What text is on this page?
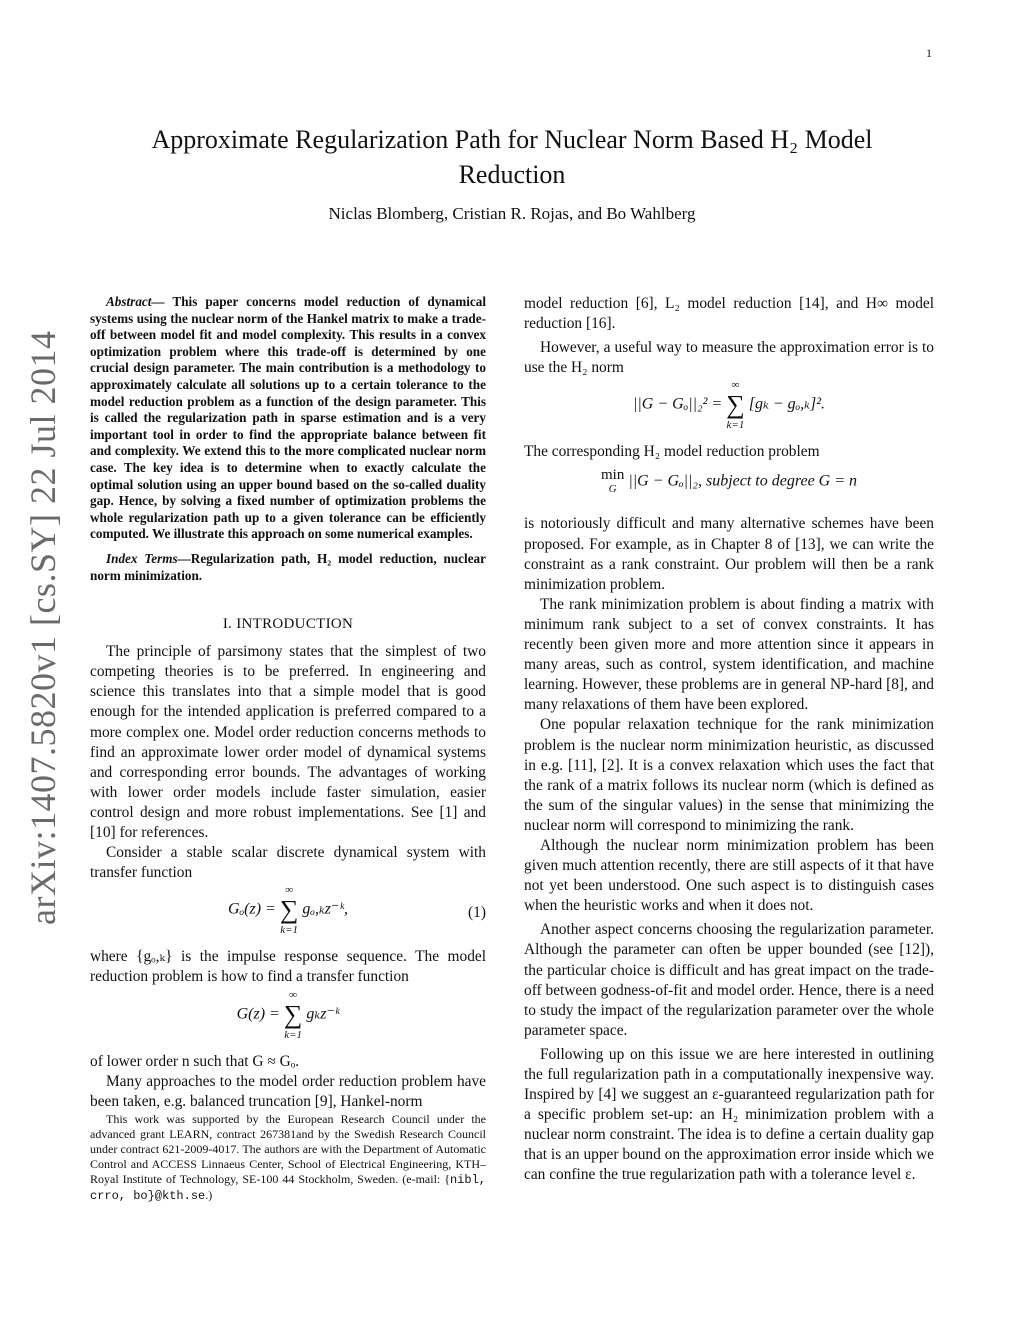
1
Approximate Regularization Path for Nuclear Norm Based H₂ Model Reduction
Niclas Blomberg, Cristian R. Rojas, and Bo Wahlberg
arXiv:1407.5820v1 [cs.SY] 22 Jul 2014

Abstract— This paper concerns model reduction of dynamical systems using the nuclear norm of the Hankel matrix to make a trade-off between model fit and model complexity. This results in a convex optimization problem where this trade-off is determined by one crucial design parameter. The main contribution is a methodology to approximately calculate all solutions up to a certain tolerance to the model reduction problem as a function of the design parameter. This is called the regularization path in sparse estimation and is a very important tool in order to find the appropriate balance between fit and complexity. We extend this to the more complicated nuclear norm case. The key idea is to determine when to exactly calculate the optimal solution using an upper bound based on the so-called duality gap. Hence, by solving a fixed number of optimization problems the whole regularization path up to a given tolerance can be efficiently computed. We illustrate this approach on some numerical examples.

Index Terms—Regularization path, H₂ model reduction, nuclear norm minimization.

I. INTRODUCTION

The principle of parsimony states that the simplest of two competing theories is to be preferred. In engineering and science this translates into that a simple model that is good enough for the intended application is preferred compared to a more complex one. Model order reduction concerns methods to find an approximate lower order model of dynamical systems and corresponding error bounds. The advantages of working with lower order models include faster simulation, easier control design and more robust implementations. See [1] and [10] for references.

Consider a stable scalar discrete dynamical system with transfer function

Gₒ(z) =
∞
∑
k=1
gₒ,ₖz⁻ᵏ,	(1)

where {gₒ,ₖ} is the impulse response sequence. The model reduction problem is how to find a transfer function

G(z) =
∞
∑
k=1
gₖz⁻ᵏ

of lower order n such that G ≈ Gₒ.

Many approaches to the model order reduction problem have been taken, e.g. balanced truncation [9], Hankel-norm

This work was supported by the European Research Council under the advanced grant LEARN, contract 267381and by the Swedish Research Council under contract 621-2009-4017. The authors are with the Department of Automatic Control and ACCESS Linnaeus Center, School of Electrical Engineering, KTH–Royal Institute of Technology, SE-100 44 Stockholm, Sweden. (e-mail: {nibl, crro, bo}@kth.se.)

model reduction [6], L₂ model reduction [14], and H∞ model reduction [16].

However, a useful way to measure the approximation error is to use the H₂ norm

||G − Gₒ||₂² =
∞
∑
k=1
[gₖ − gₒ,ₖ]².

The corresponding H₂ model reduction problem

min
G ||G − Gₒ||₂, subject to degree G = n

is notoriously difficult and many alternative schemes have been proposed. For example, as in Chapter 8 of [13], we can write the constraint as a rank constraint. Our problem will then be a rank minimization problem.

The rank minimization problem is about finding a matrix with minimum rank subject to a set of convex constraints. It has recently been given more and more attention since it appears in many areas, such as control, system identification, and machine learning. However, these problems are in general NP-hard [8], and many relaxations of them have been explored.

One popular relaxation technique for the rank minimization problem is the nuclear norm minimization heuristic, as discussed in e.g. [11], [2]. It is a convex relaxation which uses the fact that the rank of a matrix follows its nuclear norm (which is defined as the sum of the singular values) in the sense that minimizing the nuclear norm will correspond to minimizing the rank.

Although the nuclear norm minimization problem has been given much attention recently, there are still aspects of it that have not yet been understood. One such aspect is to distinguish cases when the heuristic works and when it does not.

Another aspect concerns choosing the regularization parameter. Although the parameter can often be upper bounded (see [12]), the particular choice is difficult and has great impact on the trade-off between godness-of-fit and model order. Hence, there is a need to study the impact of the regularization parameter over the whole parameter space.

Following up on this issue we are here interested in outlining the full regularization path in a computationally inexpensive way. Inspired by [4] we suggest an ε-guaranteed regularization path for a specific problem set-up: an H₂ minimization problem with a nuclear norm constraint. The idea is to define a certain duality gap that is an upper bound on the approximation error inside which we can confine the true regularization path with a tolerance level ε.
